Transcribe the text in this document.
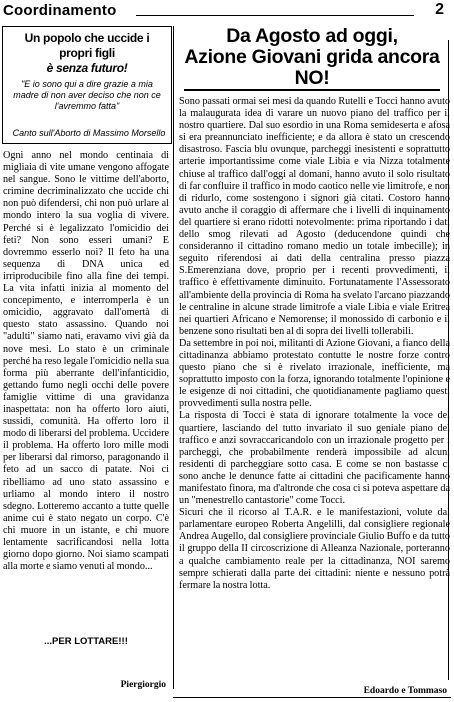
Coordinamento	2
Un popolo che uccide i propri figli
è senza futuro!
"E io sono qui a dire grazie a mia madre di non aver deciso che non ce l'avremmo fatta"
Canto sull'Aborto di Massimo Morsello
Da Agosto ad oggi,
Azione Giovani grida ancora
NO!

Ogni anno nel mondo centinaia di migliaia di vite umane vengono affogate nel sangue. Sono le vittime dell'aborto, crimine decriminalizzato che uccide chi non può difendersi, chi non può urlare al mondo intero la sua voglia di vivere. Perché si è legalizzato l'omicidio dei feti? Non sono esseri umani? E dovremmo esserlo noi? Il feto ha una sequenza di DNA unica ed irriproducibile fino alla fine dei tempi. La vita infatti inizia al momento del concepimento, e interromperla è un omicidio, aggravato dall'omertà di questo stato assassino. Quando noi "adulti" siamo nati, eravamo vivi già da nove mesi. Lo stato è un criminale perché ha reso legale l'omicidio nella sua forma più aberrante dell'infanticidio, gettando fumo negli occhi delle povere famiglie vittime di una gravidanza inaspettata: non ha offerto loro aiuti, sussidi, comunità. Ha offerto loro il modo di liberarsi del problema. Uccidere il problema. Ha offerto loro mille modi per liberarsi dal rimorso, paragonando il feto ad un sacco di patate. Noi ci ribelliamo ad uno stato assassino e urliamo al mondo intero il nostro sdegno. Lotteremo accanto a tutte quelle anime cui è stato negato un corpo. C'è chi muore in un istante, e chi muore lentamente sacrificandosi nella lotta giorno dopo giorno. Noi siamo scampati alla morte e siamo venuti al mondo...

...PER LOTTARE!!!
Piergiorgio

Sono passati ormai sei mesi da quando Rutelli e Tocci hanno avuto la malaugurata idea di varare un nuovo piano del traffico per il nostro quartiere. Dal suo esordio in una Roma semideserta e afosa si era preannunciato inefficiente; e da allora è stato un crescendo disastroso. Fascia blu ovunque, parcheggi inesistenti e soprattutto arterie importantissime come viale Libia e via Nizza totalmente chiuse al traffico dall'oggi al domani, hanno avuto il solo risultato di far confluire il traffico in modo caotico nelle vie limitrofe, e non di ridurlo, come sostengono i signori già citati. Costoro hanno avuto anche il coraggio di affermare che i livelli di inquinamento del quartiere si erano ridotti notevolmente: prima riportando i dati dello smog rilevati ad Agosto (deducendone quindi che consideranno il cittadino romano medio un totale imbecille); in seguito riferendosi ai dati della centralina presso piazza S.Emerenziana dove, proprio per i recenti provvedimenti, il traffico è effettivamente diminuito. Fortunatamente l'Assessorato all'ambiente della provincia di Roma ha svelato l'arcano piazzando le centraline in alcune strade limitrofe a viale Libia e viale Eritrea nei quartieri Africano e Nemorense; il monossido di carbonio e il benzene sono risultati ben al di sopra dei livelli tollerabili.

Da settembre in poi noi, militanti di Azione Giovani, a fianco della cittadinanza abbiamo protestato contutte le nostre forze contro questo piano che si è rivelato irrazionale, inefficiente, ma soprattutto imposto con la forza, ignorando totalmente l'opinione e le esigenze di noi cittadini, che quotidianamente pagliamo questi provvedimenti sulla nostra pelle.

La risposta di Tocci è stata di ignorare totalmente la voce del quartiere, lasciando del tutto invariato il suo geniale piano del traffico e anzi sovraccaricandolo con un irrazionale progetto per i parcheggi, che probabilmente renderà impossibile ad alcuni residenti di parcheggiare sotto casa. E come se non bastasse ci sono anche le denunce fatte ai cittadini che pacificamente hanno manifestato finora, ma d'altronde che cosa ci si poteva aspettare da un "menestrello cantastorie" come Tocci.

Sicuri che il ricorso al T.A.R. e le manifestazioni, volute dal parlamentare europeo Roberta Angelilli, dal consigliere regionale Andrea Augello, dal consigliere provinciale Giulio Buffo e da tutto il gruppo della II circoscrizione di Alleanza Nazionale, porteranno a qualche cambiamento reale per la cittadinanza, NOI saremo sempre schierati dalla parte dei cittadini: niente e nessuno potrà fermare la nostra lotta.

Edoardo e Tommaso
